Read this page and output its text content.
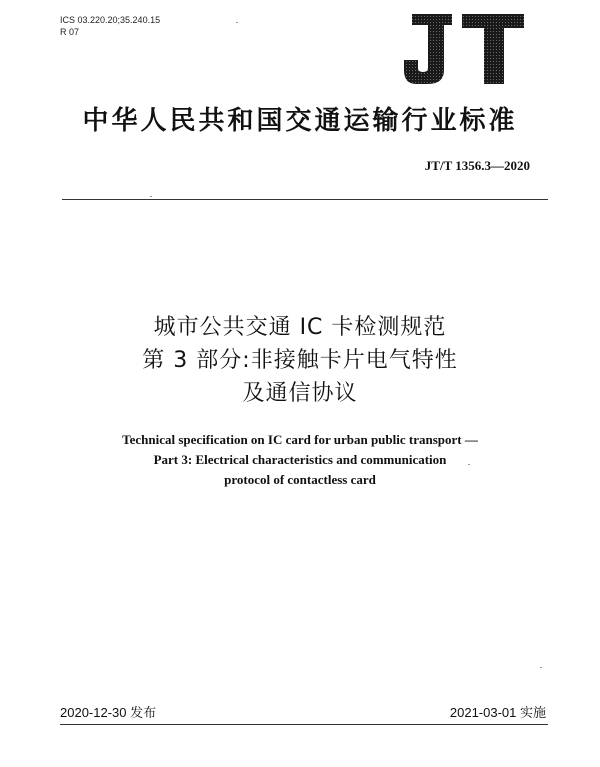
ICS 03.220.20;35.240.15
R 07
中华人民共和国交通运输行业标准
JT/T 1356.3—2020
城市公共交通 IC 卡检测规范
第 3 部分:非接触卡片电气特性
及通信协议
Technical specification on IC card for urban public transport —
Part 3: Electrical characteristics and communication
protocol of contactless card
2020-12-30 发布	2021-03-01 实施
